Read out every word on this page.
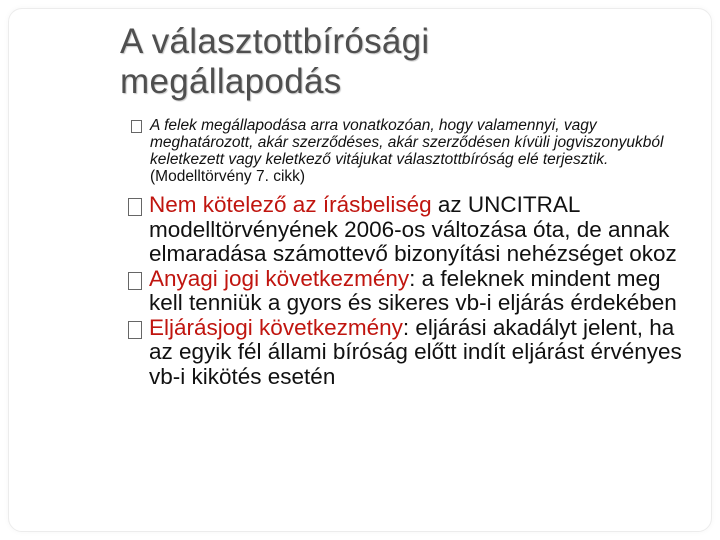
A választottbírósági
megállapodás
A felek megállapodása arra vonatkozóan, hogy valamennyi, vagy meghatározott, akár szerződéses, akár szerződésen kívüli jogviszonyukból keletkezett vagy keletkező vitájukat választottbíróság elé terjesztik. (Modelltörvény 7. cikk)
Nem kötelező az írásbeliség az UNCITRAL modelltörvényének 2006-os változása óta, de annak elmaradása számottevő bizonyítási nehézséget okoz
Anyagi jogi következmény: a feleknek mindent meg kell tenniük a gyors és sikeres vb-i eljárás érdekében
Eljárásjogi következmény: eljárási akadályt jelent, ha az egyik fél állami bíróság előtt indít eljárást érvényes vb-i kikötés esetén
